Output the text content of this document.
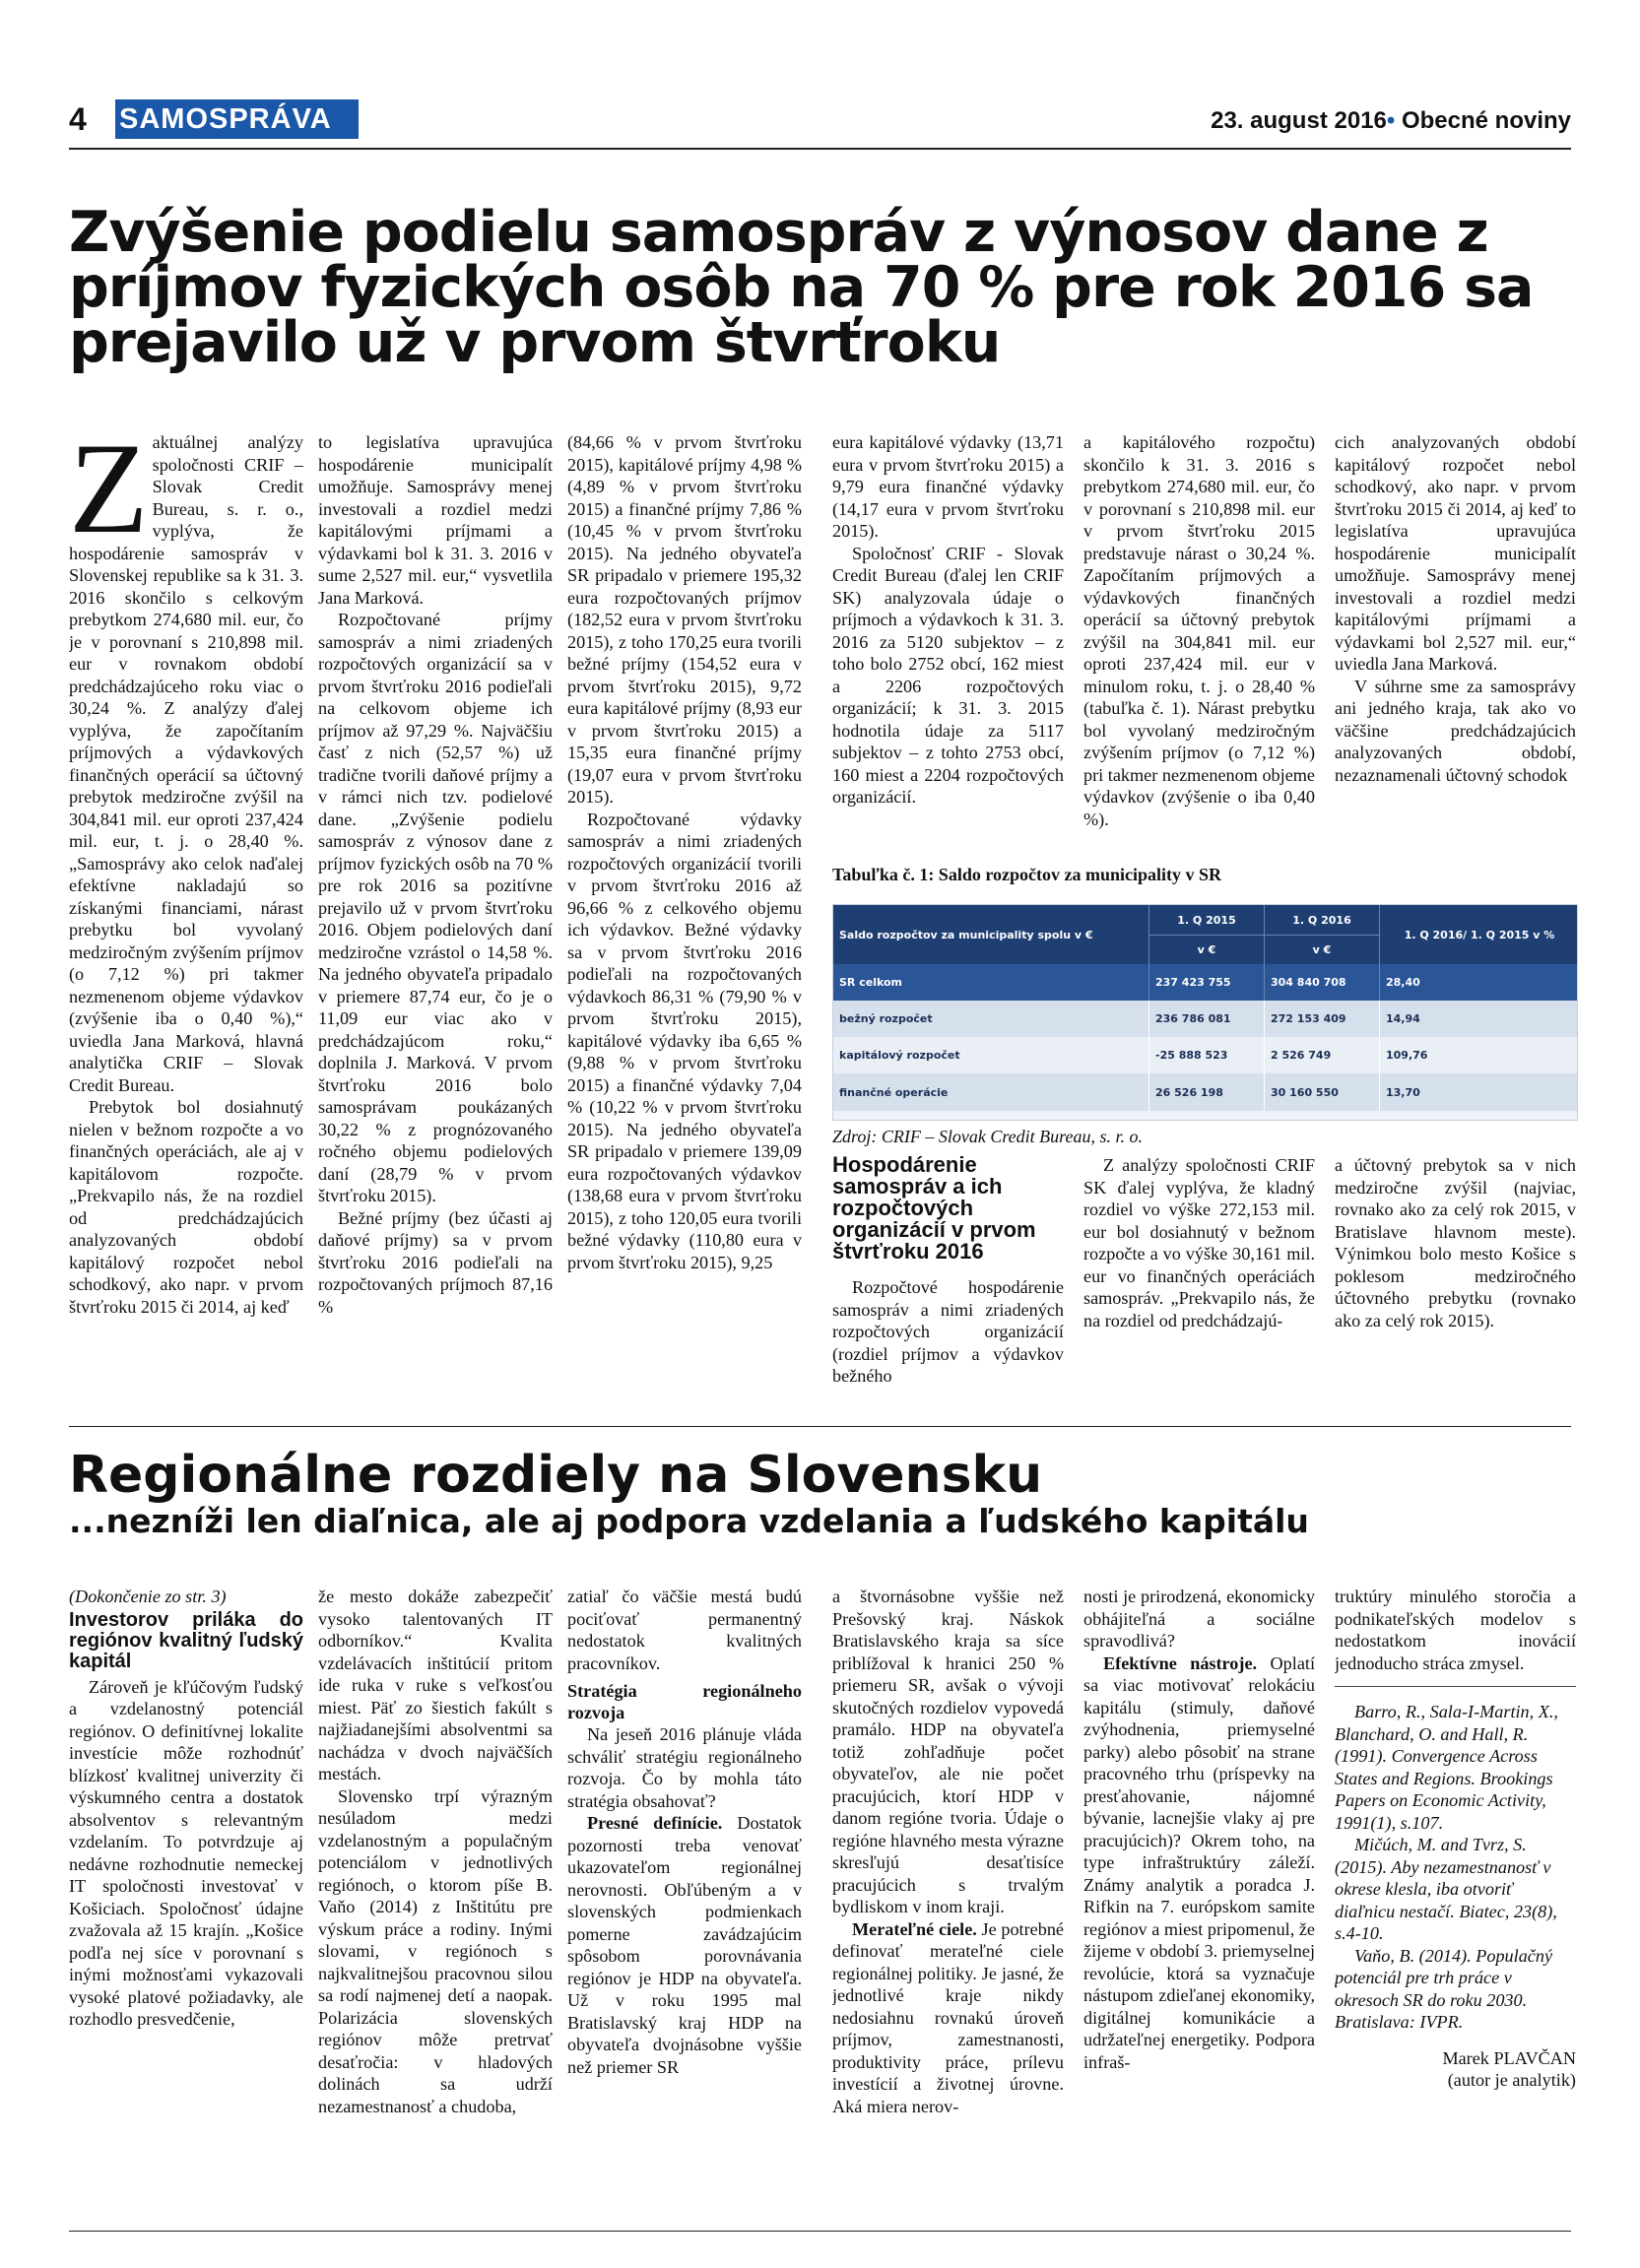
4 SAMOSPRÁVA	23. august 2016• Obecné noviny
Zvýšenie podielu samospráv z výnosov dane z príjmov fyzických osôb na 70 % pre rok 2016 sa prejavilo už v prvom štvrťroku

Zaktuálnej analýzy spoločnosti CRIF – Slovak Credit Bureau, s. r. o., vyplýva, že hospodárenie samospráv v Slovenskej republike sa k 31. 3. 2016 skončilo s celkovým prebytkom 274,680 mil. eur, čo je v porovnaní s 210,898 mil. eur v rovnakom období predchádzajúceho roku viac o 30,24 %. Z analýzy ďalej vyplýva, že započítaním príjmových a výdavkových finančných operácií sa účtovný prebytok medziročne zvýšil na 304,841 mil. eur oproti 237,424 mil. eur, t. j. o 28,40 %. „Samosprávy ako celok naďalej efektívne nakladajú so získanými financiami, nárast prebytku bol vyvolaný medziročným zvýšením príjmov (o 7,12 %) pri takmer nezmenenom objeme výdavkov (zvýšenie iba o 0,40 %),“ uviedla Jana Marková, hlavná analytička CRIF – Slovak Credit Bureau.

Prebytok bol dosiahnutý nielen v bežnom rozpočte a vo finančných operáciách, ale aj v kapitálovom rozpočte. „Prekvapilo nás, že na rozdiel od predchádzajúcich analyzovaných období kapitálový rozpočet nebol schodkový, ako napr. v prvom štvrťroku 2015 či 2014, aj keď

to legislatíva upravujúca hospodárenie municipalít umožňuje. Samosprávy menej investovali a rozdiel medzi kapitálovými príjmami a výdavkami bol k 31. 3. 2016 v sume 2,527 mil. eur,“ vysvetlila Jana Marková.

Rozpočtované príjmy samospráv a nimi zriadených rozpočtových organizácií sa v prvom štvrťroku 2016 podieľali na celkovom objeme ich príjmov až 97,29 %. Najväčšiu časť z nich (52,57 %) už tradične tvorili daňové príjmy a v rámci nich tzv. podielové dane. „Zvýšenie podielu samospráv z výnosov dane z príjmov fyzických osôb na 70 % pre rok 2016 sa pozitívne prejavilo už v prvom štvrťroku 2016. Objem podielových daní medziročne vzrástol o 14,58 %. Na jedného obyvateľa pripadalo v priemere 87,74 eur, čo je o 11,09 eur viac ako v predchádzajúcom roku,“ doplnila J. Marková. V prvom štvrťroku 2016 bolo samosprávam poukázaných 30,22 % z prognózovaného ročného objemu podielových daní (28,79 % v prvom štvrťroku 2015).

Bežné príjmy (bez účasti aj daňové príjmy) sa v prvom štvrťroku 2016 podieľali na rozpočtovaných príjmoch 87,16 %

(84,66 % v prvom štvrťroku 2015), kapitálové príjmy 4,98 % (4,89 % v prvom štvrťroku 2015) a finančné príjmy 7,86 % (10,45 % v prvom štvrťroku 2015). Na jedného obyvateľa SR pripadalo v priemere 195,32 eura rozpočtovaných príjmov (182,52 eura v prvom štvrťroku 2015), z toho 170,25 eura tvorili bežné príjmy (154,52 eura v prvom štvrťroku 2015), 9,72 eura kapitálové príjmy (8,93 eur v prvom štvrťroku 2015) a 15,35 eura finančné príjmy (19,07 eura v prvom štvrťroku 2015).

Rozpočtované výdavky samospráv a nimi zriadených rozpočtových organizácií tvorili v prvom štvrťroku 2016 až 96,66 % z celkového objemu ich výdavkov. Bežné výdavky sa v prvom štvrťroku 2016 podieľali na rozpočtovaných výdavkoch 86,31 % (79,90 % v prvom štvrťroku 2015), kapitálové výdavky iba 6,65 % (9,88 % v prvom štvrťroku 2015) a finančné výdavky 7,04 % (10,22 % v prvom štvrťroku 2015). Na jedného obyvateľa SR pripadalo v priemere 139,09 eura rozpočtovaných výdavkov (138,68 eura v prvom štvrťroku 2015), z toho 120,05 eura tvorili bežné výdavky (110,80 eura v prvom štvrťroku 2015), 9,25

eura kapitálové výdavky (13,71 eura v prvom štvrťroku 2015) a 9,79 eura finančné výdavky (14,17 eura v prvom štvrťroku 2015).

Spoločnosť CRIF - Slovak Credit Bureau (ďalej len CRIF SK) analyzovala údaje o príjmoch a výdavkoch k 31. 3. 2016 za 5120 subjektov – z toho bolo 2752 obcí, 162 miest a 2206 rozpočtových organizácií; k 31. 3. 2015 hodnotila údaje za 5117 subjektov – z tohto 2753 obcí, 160 miest a 2204 rozpočtových organizácií.

a kapitálového rozpočtu) skončilo k 31. 3. 2016 s prebytkom 274,680 mil. eur, čo v porovnaní s 210,898 mil. eur v prvom štvrťroku 2015 predstavuje nárast o 30,24 %. Započítaním príjmových a výdavkových finančných operácií sa účtovný prebytok zvýšil na 304,841 mil. eur oproti 237,424 mil. eur v minulom roku, t. j. o 28,40 % (tabuľka č. 1). Nárast prebytku bol vyvolaný medziročným zvýšením príjmov (o 7,12 %) pri takmer nezmenenom objeme výdavkov (zvýšenie o iba 0,40 %).

cich analyzovaných období kapitálový rozpočet nebol schodkový, ako napr. v prvom štvrťroku 2015 či 2014, aj keď to legislatíva upravujúca hospodárenie municipalít umožňuje. Samosprávy menej investovali a rozdiel medzi kapitálovými príjmami a výdavkami bol 2,527 mil. eur,“ uviedla Jana Marková.

V súhrne sme za samosprávy ani jedného kraja, tak ako vo väčšine predchádzajúcich analyzovaných období, nezaznamenali účtovný schodok

Tabuľka č. 1: Saldo rozpočtov za municipality v SR
Saldo rozpočtov za municipality spolu v €
1. Q 2015	1. Q 2016
v €	v €
1. Q 2016/ 1. Q 2015 v %
SR celkom	237 423 755	304 840 708	28,40
bežný rozpočet	236 786 081	272 153 409	14,94
kapitálový rozpočet	-25 888 523	2 526 749	109,76
finančné operácie	26 526 198	30 160 550	13,70
Zdroj: CRIF – Slovak Credit Bureau, s. r. o.
Hospodárenie samospráv a ich rozpočtových organizácií v prvom štvrťroku 2016

Rozpočtové hospodárenie samospráv a nimi zriadených rozpočtových organizácií (rozdiel príjmov a výdavkov bežného

Z analýzy spoločnosti CRIF SK ďalej vyplýva, že kladný rozdiel vo výške 272,153 mil. eur bol dosiahnutý v bežnom rozpočte a vo výške 30,161 mil. eur vo finančných operáciách samospráv. „Prekvapilo nás, že na rozdiel od predchádzajú-

a účtovný prebytok sa v nich medziročne zvýšil (najviac, rovnako ako za celý rok 2015, v Bratislave hlavnom meste). Výnimkou bolo mesto Košice s poklesom medziročného účtovného prebytku (rovnako ako za celý rok 2015).

Regionálne rozdiely na Slovensku
...nezníži len diaľnica, ale aj podpora vzdelania a ľudského kapitálu

(Dokončenie zo str. 3)

Investorov priláka do regiónov kvalitný ľudský kapitál

Zároveň je kľúčovým ľudský a vzdelanostný potenciál regiónov. O definitívnej lokalite investície môže rozhodnúť blízkosť kvalitnej univerzity či výskumného centra a dostatok absolventov s relevantným vzdelaním. To potvrdzuje aj nedávne rozhodnutie nemeckej IT spoločnosti investovať v Košiciach. Spoločnosť údajne zvažovala až 15 krajín. „Košice podľa nej síce v porovnaní s inými možnosťami vykazovali vysoké platové požiadavky, ale rozhodlo presvedčenie,

že mesto dokáže zabezpečiť vysoko talentovaných IT odborníkov.“ Kvalita vzdelávacích inštitúcií pritom ide ruka v ruke s veľkosťou miest. Päť zo šiestich fakúlt s najžiadanejšími absolventmi sa nachádza v dvoch najväčších mestách.

Slovensko trpí výrazným nesúladom medzi vzdelanostným a populačným potenciálom v jednotlivých regiónoch, o ktorom píše B. Vaňo (2014) z Inštitútu pre výskum práce a rodiny. Inými slovami, v regiónoch s najkvalitnejšou pracovnou silou sa rodí najmenej detí a naopak. Polarizácia slovenských regiónov môže pretrvať desaťročia: v hladových dolinách sa udrží nezamestnanosť a chudoba,

zatiaľ čo väčšie mestá budú pociťovať permanentný nedostatok kvalitných pracovníkov.

Stratégia regionálneho rozvoja

Na jeseň 2016 plánuje vláda schváliť stratégiu regionálneho rozvoja. Čo by mohla táto stratégia obsahovať?

Presné definície. Dostatok pozornosti treba venovať ukazovateľom regionálnej nerovnosti. Obľúbeným a v slovenských podmienkach pomerne zavádzajúcim spôsobom porovnávania regiónov je HDP na obyvateľa. Už v roku 1995 mal Bratislavský kraj HDP na obyvateľa dvojnásobne vyššie než priemer SR

a štvornásobne vyššie než Prešovský kraj. Náskok Bratislavského kraja sa síce priblížoval k hranici 250 % priemeru SR, avšak o vývoji skutočných rozdielov vypovedá pramálo. HDP na obyvateľa totiž zohľadňuje počet obyvateľov, ale nie počet pracujúcich, ktorí HDP v danom regióne tvoria. Údaje o regióne hlavného mesta výrazne skresľujú desaťtisíce pracujúcich s trvalým bydliskom v inom kraji.

Merateľné ciele. Je potrebné definovať merateľné ciele regionálnej politiky. Je jasné, že jednotlivé kraje nikdy nedosiahnu rovnakú úroveň príjmov, zamestnanosti, produktivity práce, prílevu investícií a životnej úrovne. Aká miera nerov-

nosti je prirodzená, ekonomicky obhájiteľná a sociálne spravodlivá?

Efektívne nástroje. Oplatí sa viac motivovať relokáciu kapitálu (stimuly, daňové zvýhodnenia, priemyselné parky) alebo pôsobiť na strane pracovného trhu (príspevky na presťahovanie, nájomné bývanie, lacnejšie vlaky aj pre pracujúcich)? Okrem toho, na type infraštruktúry záleží. Známy analytik a poradca J. Rifkin na 7. európskom samite regiónov a miest pripomenul, že žijeme v období 3. priemyselnej revolúcie, ktorá sa vyznačuje nástupom zdieľanej ekonomiky, digitálnej komunikácie a udržateľnej energetiky. Podpora infraš-

truktúry minulého storočia a podnikateľských modelov s nedostatkom inovácií jednoducho stráca zmysel.

Barro, R., Sala-I-Martin, X., Blanchard, O. and Hall, R. (1991). Convergence Across States and Regions. Brookings Papers on Economic Activity, 1991(1), s.107.

Mičúch, M. and Tvrz, S. (2015). Aby nezamestnanosť v okrese klesla, iba otvoriť diaľnicu nestačí. Biatec, 23(8), s.4-10.

Vaňo, B. (2014). Populačný potenciál pre trh práce v okresoch SR do roku 2030. Bratislava: IVPR.

Marek PLAVČAN

(autor je analytik)
